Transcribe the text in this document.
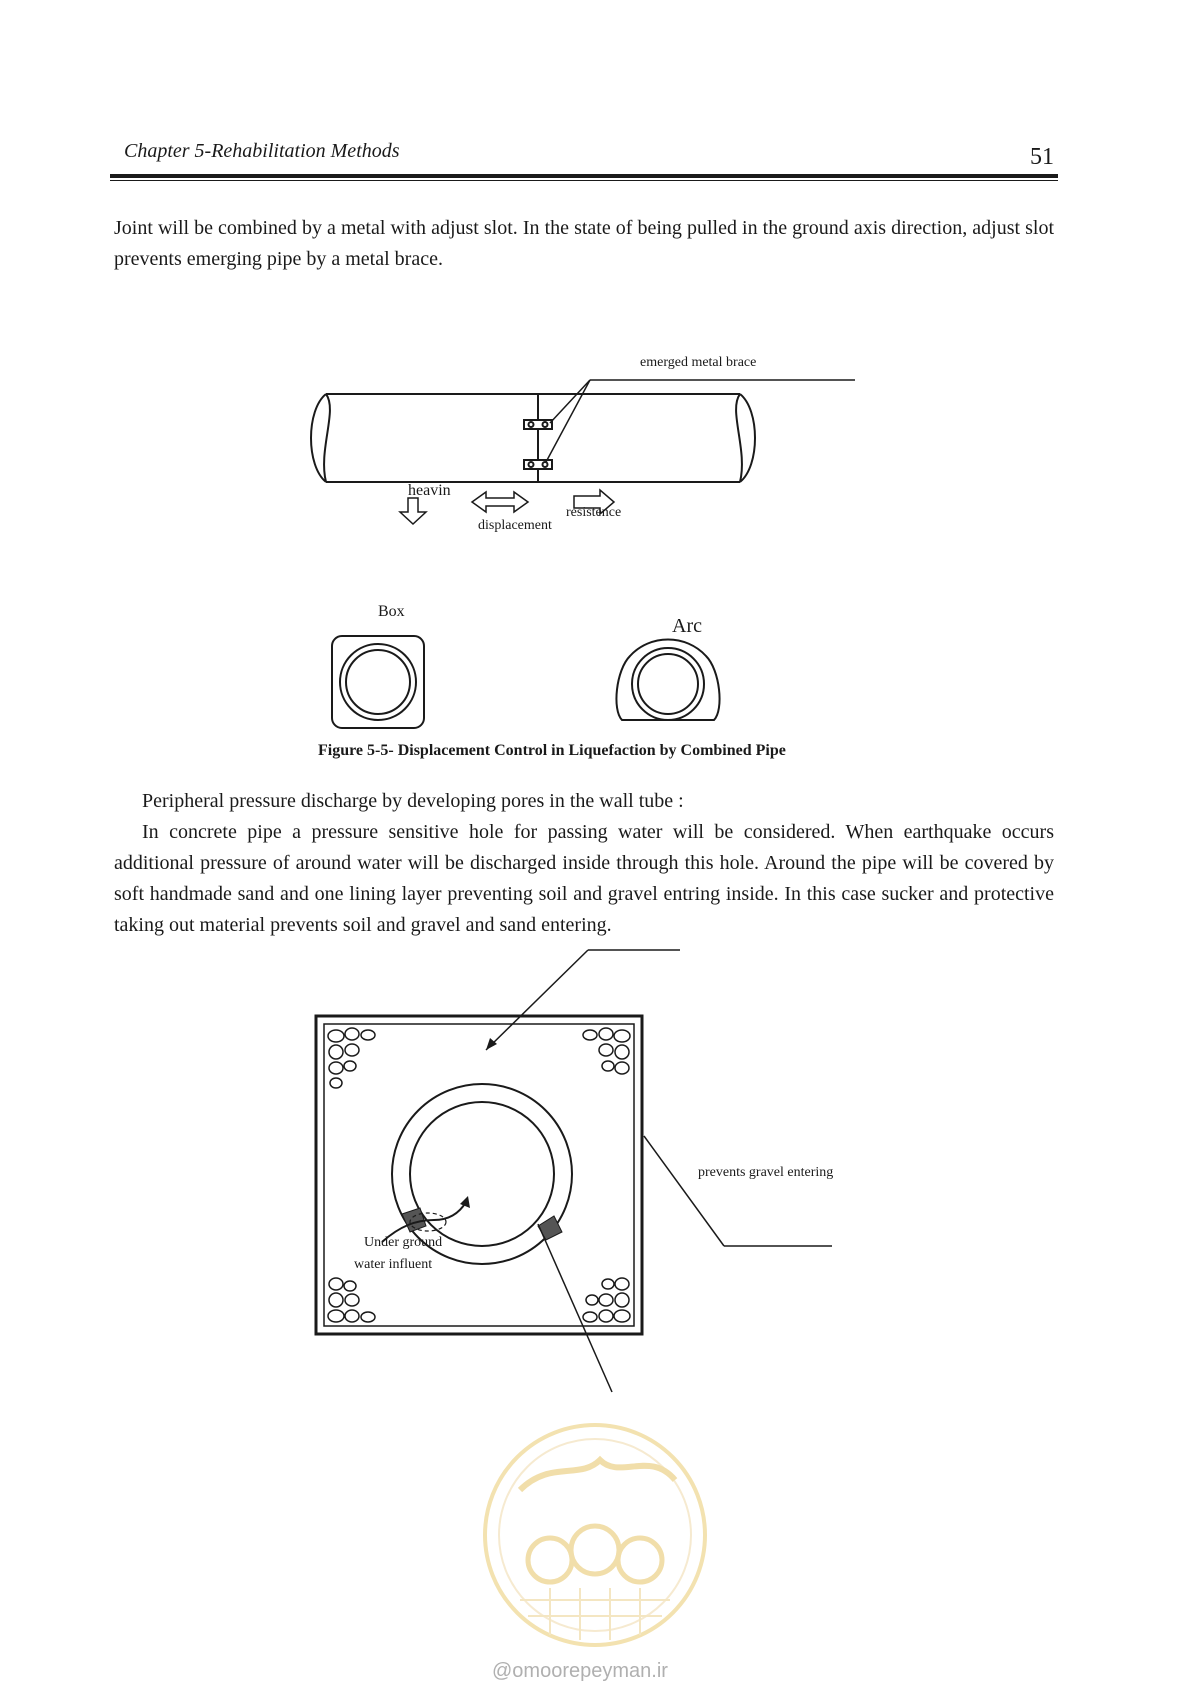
Chapter 5-Rehabilitation Methods	51

Joint will be combined by a metal with adjust slot. In the state of being pulled in the ground axis direction, adjust slot prevents emerging pipe by a metal brace.

emerged metal brace
heavin
displacement
resistence
Box
Arc
Figure 5-5- Displacement Control in Liquefaction by Combined Pipe

Peripheral pressure discharge by developing pores in the wall tube :

In concrete pipe a pressure sensitive hole for passing water will be considered. When earthquake occurs additional pressure of around water will be discharged inside through this hole. Around the pipe will be covered by soft handmade sand and one lining layer preventing soil and gravel entring inside. In this case sucker and protective taking out material prevents soil and gravel and sand entering.

prevents gravel entering
Under ground
water influent
@omoorepeyman.ir
